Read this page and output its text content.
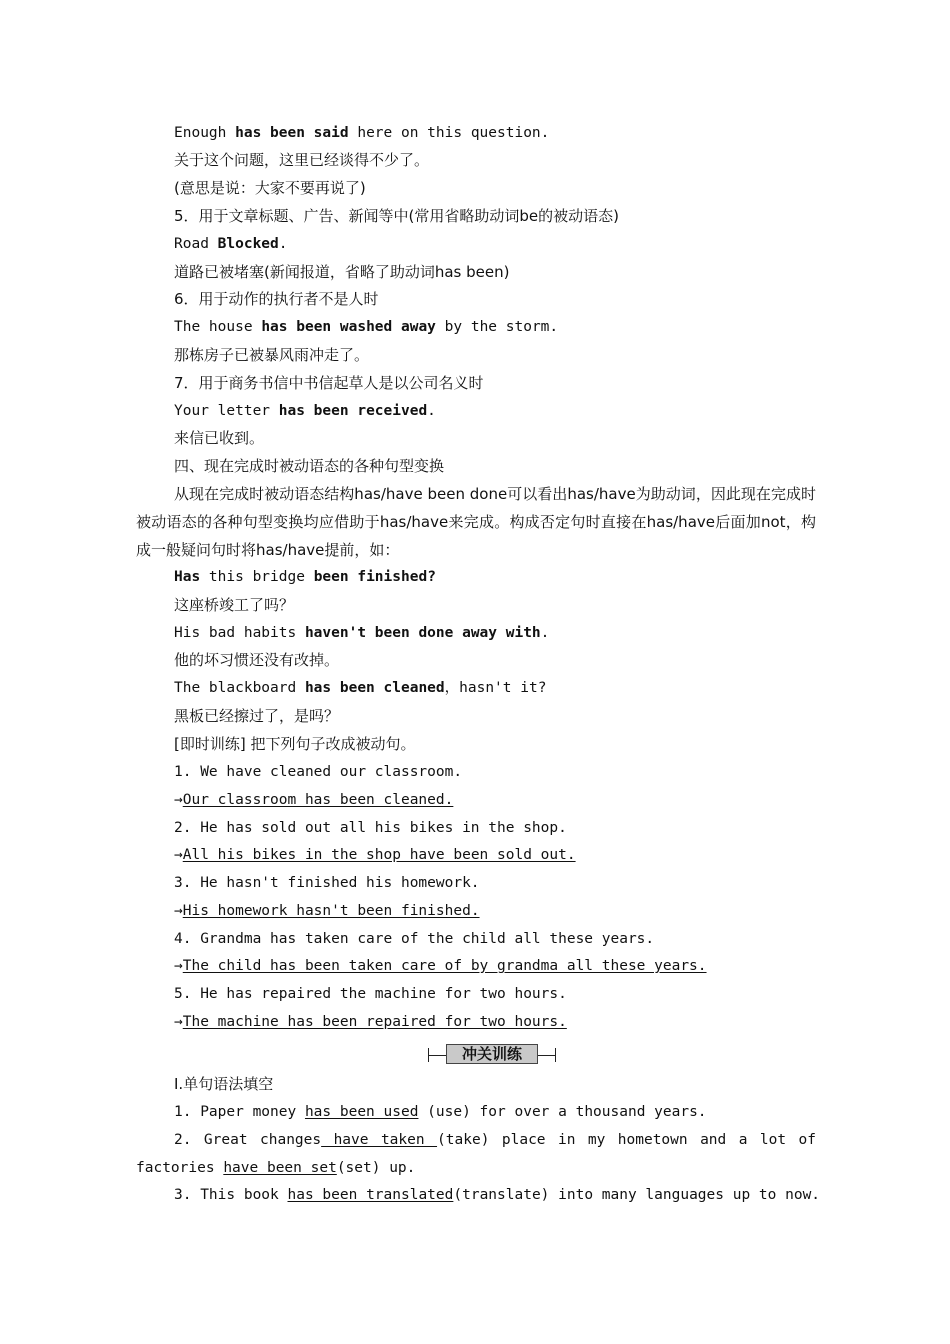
Enough has been said here on this question.
关于这个问题，这里已经谈得不少了。
(意思是说：大家不要再说了)
5．用于文章标题、广告、新闻等中(常用省略助动词be的被动语态)
Road Blocked.
道路已被堵塞(新闻报道，省略了助动词has been)
6．用于动作的执行者不是人时
The house has been washed away by the storm.
那栋房子已被暴风雨冲走了。
7．用于商务书信中书信起草人是以公司名义时
Your letter has been received.
来信已收到。
四、现在完成时被动语态的各种句型变换
从现在完成时被动语态结构has/have been done可以看出has/have为助动词，因此现在完成时被动语态的各种句型变换均应借助于has/have来完成。构成否定句时直接在has/have后面加not，构成一般疑问句时将has/have提前，如：
Has this bridge been finished?
这座桥竣工了吗？
His bad habits haven't been done away with.
他的坏习惯还没有改掉。
The blackboard has been cleaned，hasn't it?
黑板已经擦过了，是吗？
[即时训练] 把下列句子改成被动句。
1. We have cleaned our classroom.
→Our classroom has been cleaned.
2. He has sold out all his bikes in the shop.
→All his bikes in the shop have been sold out.
3. He hasn't finished his homework.
→His homework hasn't been finished.
4. Grandma has taken care of the child all these years.
→The child has been taken care of by grandma all these years.
5. He has repaired the machine for two hours.
→The machine has been repaired for two hours.
冲关训练
Ⅰ.单句语法填空
1. Paper money has been used (use) for over a thousand years.
2. Great changes have taken (take) place in my hometown and a lot of factories have been set(set) up.
3. This book has been translated(translate) into many languages up to now.
